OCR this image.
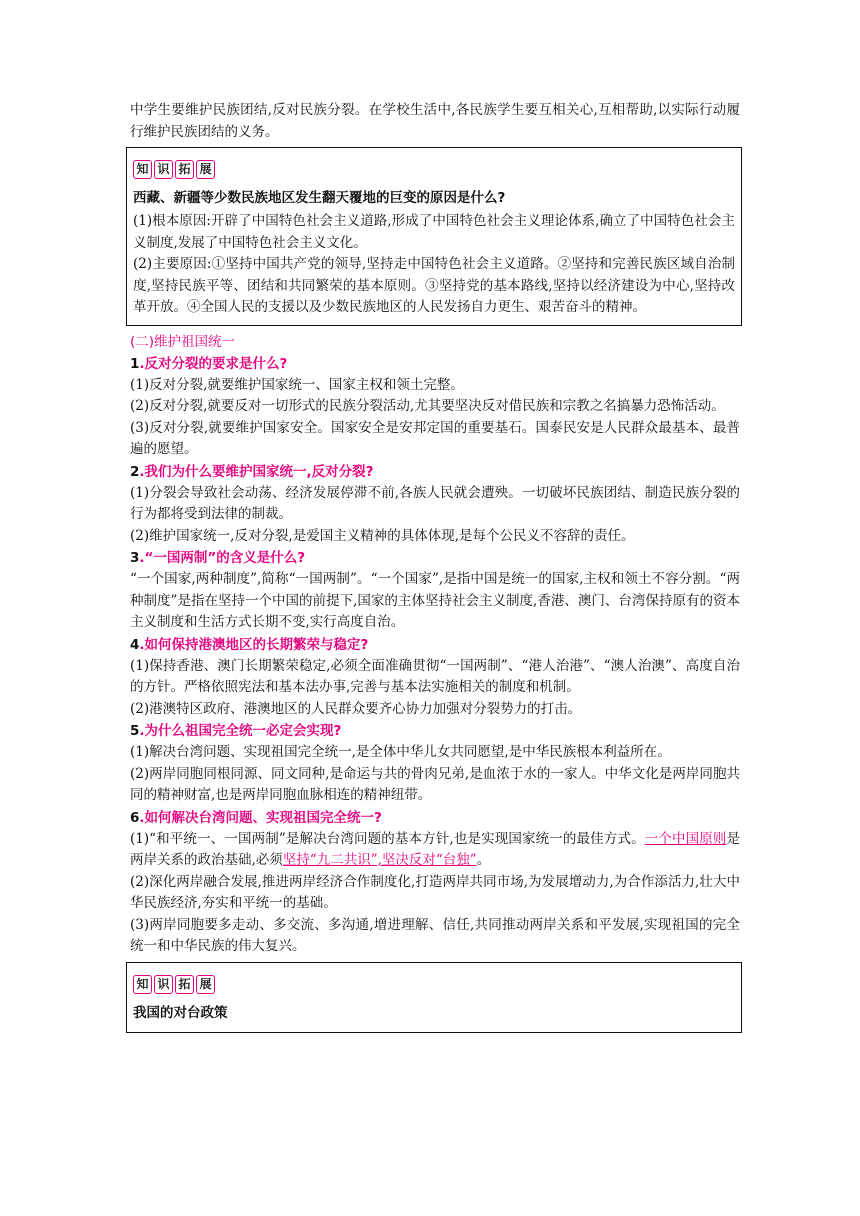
中学生要维护民族团结,反对民族分裂。在学校生活中,各民族学生要互相关心,互相帮助,以实际行动履行维护民族团结的义务。

知 识 拓 展

西藏、新疆等少数民族地区发生翻天覆地的巨变的原因是什么?

(1)根本原因:开辟了中国特色社会主义道路,形成了中国特色社会主义理论体系,确立了中国特色社会主义制度,发展了中国特色社会主义文化。

(2)主要原因:①坚持中国共产党的领导,坚持走中国特色社会主义道路。②坚持和完善民族区域自治制度,坚持民族平等、团结和共同繁荣的基本原则。③坚持党的基本路线,坚持以经济建设为中心,坚持改革开放。④全国人民的支援以及少数民族地区的人民发扬自力更生、艰苦奋斗的精神。

(二)维护祖国统一

1.反对分裂的要求是什么?

(1)反对分裂,就要维护国家统一、国家主权和领土完整。

(2)反对分裂,就要反对一切形式的民族分裂活动,尤其要坚决反对借民族和宗教之名搞暴力恐怖活动。

(3)反对分裂,就要维护国家安全。国家安全是安邦定国的重要基石。国泰民安是人民群众最基本、最普遍的愿望。

2.我们为什么要维护国家统一,反对分裂?

(1)分裂会导致社会动荡、经济发展停滞不前,各族人民就会遭殃。一切破坏民族团结、制造民族分裂的行为都将受到法律的制裁。

(2)维护国家统一,反对分裂,是爱国主义精神的具体体现,是每个公民义不容辞的责任。

3.“一国两制”的含义是什么?

“一个国家,两种制度”,简称“一国两制”。“一个国家”,是指中国是统一的国家,主权和领土不容分割。“两种制度”是指在坚持一个中国的前提下,国家的主体坚持社会主义制度,香港、澳门、台湾保持原有的资本主义制度和生活方式长期不变,实行高度自治。

4.如何保持港澳地区的长期繁荣与稳定?

(1)保持香港、澳门长期繁荣稳定,必须全面准确贯彻“一国两制”、“港人治港”、“澳人治澳”、高度自治的方针。严格依照宪法和基本法办事,完善与基本法实施相关的制度和机制。

(2)港澳特区政府、港澳地区的人民群众要齐心协力加强对分裂势力的打击。

5.为什么祖国完全统一必定会实现?

(1)解决台湾问题、实现祖国完全统一,是全体中华儿女共同愿望,是中华民族根本利益所在。

(2)两岸同胞同根同源、同文同种,是命运与共的骨肉兄弟,是血浓于水的一家人。中华文化是两岸同胞共同的精神财富,也是两岸同胞血脉相连的精神纽带。

6.如何解决台湾问题、实现祖国完全统一?

(1)“和平统一、一国两制”是解决台湾问题的基本方针,也是实现国家统一的最佳方式。一个中国原则是两岸关系的政治基础,必须坚持“九二共识”,坚决反对“台独”。

(2)深化两岸融合发展,推进两岸经济合作制度化,打造两岸共同市场,为发展增动力,为合作添活力,壮大中华民族经济,夯实和平统一的基础。

(3)两岸同胞要多走动、多交流、多沟通,增进理解、信任,共同推动两岸关系和平发展,实现祖国的完全统一和中华民族的伟大复兴。

知 识 拓 展

我国的对台政策
